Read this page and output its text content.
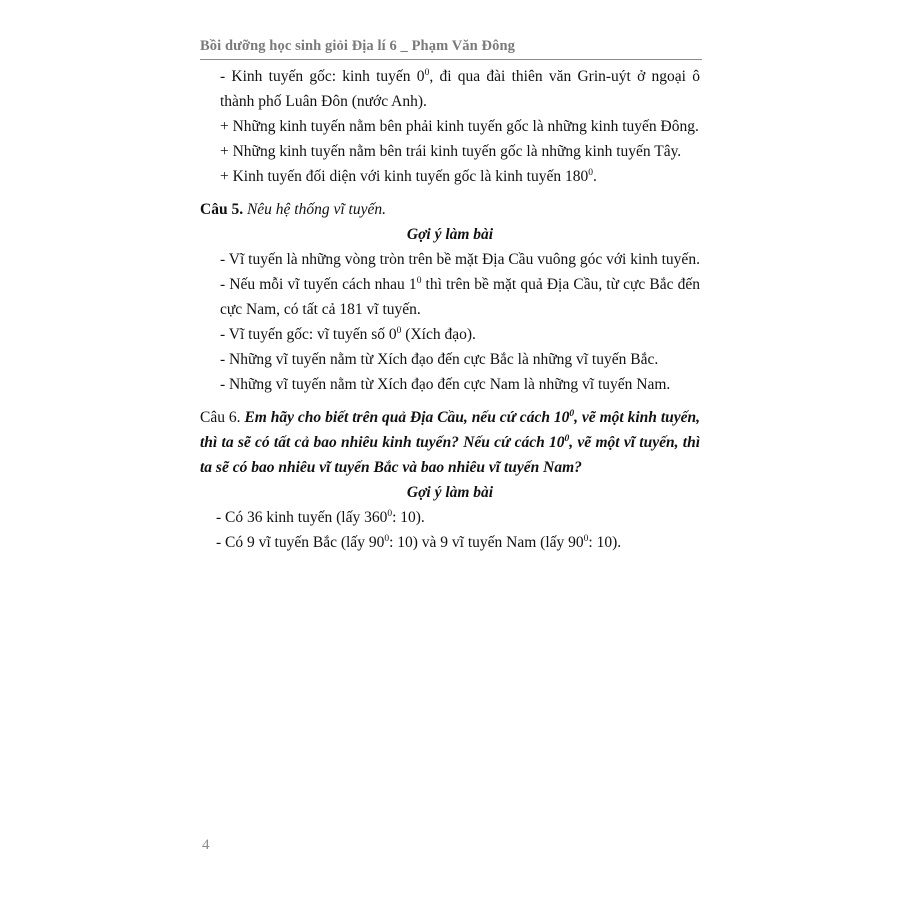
Bồi dưỡng học sinh giỏi Địa lí 6 _ Phạm Văn Đông

- Kinh tuyến gốc: kinh tuyến $0^0$, đi qua đài thiên văn Grin-uýt ở ngoại ô thành phố Luân Đôn (nước Anh).

+ Những kinh tuyến nằm bên phải kinh tuyến gốc là những kinh tuyến Đông.

+ Những kinh tuyến nằm bên trái kinh tuyến gốc là những kinh tuyến Tây.

+ Kinh tuyến đối diện với kinh tuyến gốc là kinh tuyến $180^0$.

Câu 5. Nêu hệ thống vĩ tuyến.

Gợi ý làm bài

- Vĩ tuyến là những vòng tròn trên bề mặt Địa Cầu vuông góc với kinh tuyến.

- Nếu mỗi vĩ tuyến cách nhau $1^0$ thì trên bề mặt quả Địa Cầu, từ cực Bắc đến cực Nam, có tất cả 181 vĩ tuyến.

- Vĩ tuyến gốc: vĩ tuyến số $0^0$ (Xích đạo).

- Những vĩ tuyến nằm từ Xích đạo đến cực Bắc là những vĩ tuyến Bắc.

- Những vĩ tuyến nằm từ Xích đạo đến cực Nam là những vĩ tuyến Nam.

Câu 6. Em hãy cho biết trên quả Địa Cầu, nếu cứ cách $10^0$, vẽ một kinh tuyến, thì ta sẽ có tất cả bao nhiêu kinh tuyến? Nếu cứ cách $10^0$, vẽ một vĩ tuyến, thì ta sẽ có bao nhiêu vĩ tuyến Bắc và bao nhiêu vĩ tuyến Nam?

Gợi ý làm bài

- Có 36 kinh tuyến (lấy $360^0$: 10).

- Có 9 vĩ tuyến Bắc (lấy $90^0$: 10) và 9 vĩ tuyến Nam (lấy $90^0$: 10).

4
